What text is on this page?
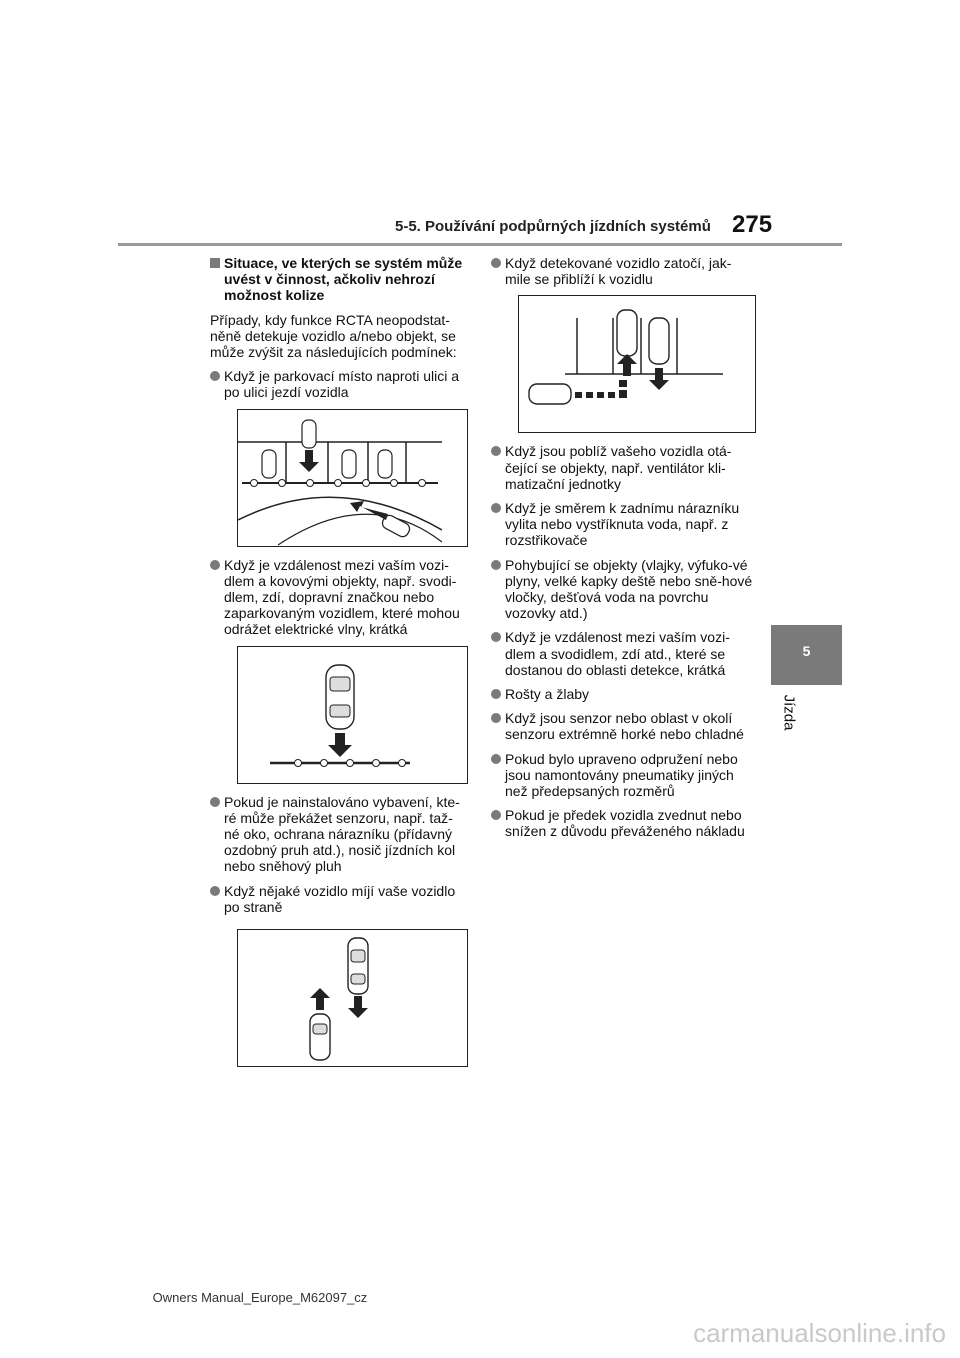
5-5. Používání podpůrných jízdních systémů 275
5
Jízda
Situace, ve kterých se systém může uvést v činnost, ačkoliv nehrozí možnost kolize
Případy, kdy funkce RCTA neopodstat-něně detekuje vozidlo a/nebo objekt, se může zvýšit za následujících podmínek:
Když je parkovací místo naproti ulici a po ulici jezdí vozidla
Když je vzdálenost mezi vaším vozi-dlem a kovovými objekty, např. svodi-dlem, zdí, dopravní značkou nebo zaparkovaným vozidlem, které mohou odrážet elektrické vlny, krátká
Pokud je nainstalováno vybavení, kte-ré může překážet senzoru, např. taž-né oko, ochrana nárazníku (přídavný ozdobný pruh atd.), nosič jízdních kol nebo sněhový pluh
Když nějaké vozidlo míjí vaše vozidlo po straně
Když detekované vozidlo zatočí, jak-mile se přiblíží k vozidlu
Když jsou poblíž vašeho vozidla otá-čející se objekty, např. ventilátor kli-matizační jednotky
Když je směrem k zadnímu nárazníku vylita nebo vystříknuta voda, např. z rozstřikovače
Pohybující se objekty (vlajky, výfuko-vé plyny, velké kapky deště nebo sně-hové vločky, dešťová voda na povrchu vozovky atd.)
Když je vzdálenost mezi vaším vozi-dlem a svodidlem, zdí atd., které se dostanou do oblasti detekce, krátká
Rošty a žlaby
Když jsou senzor nebo oblast v okolí senzoru extrémně horké nebo chladné
Pokud bylo upraveno odpružení nebo jsou namontovány pneumatiky jiných než předepsaných rozměrů
Pokud je předek vozidla zvednut nebo snížen z důvodu převáženého nákladu
Owners Manual_Europe_M62097_cz
carmanualsonline.info
